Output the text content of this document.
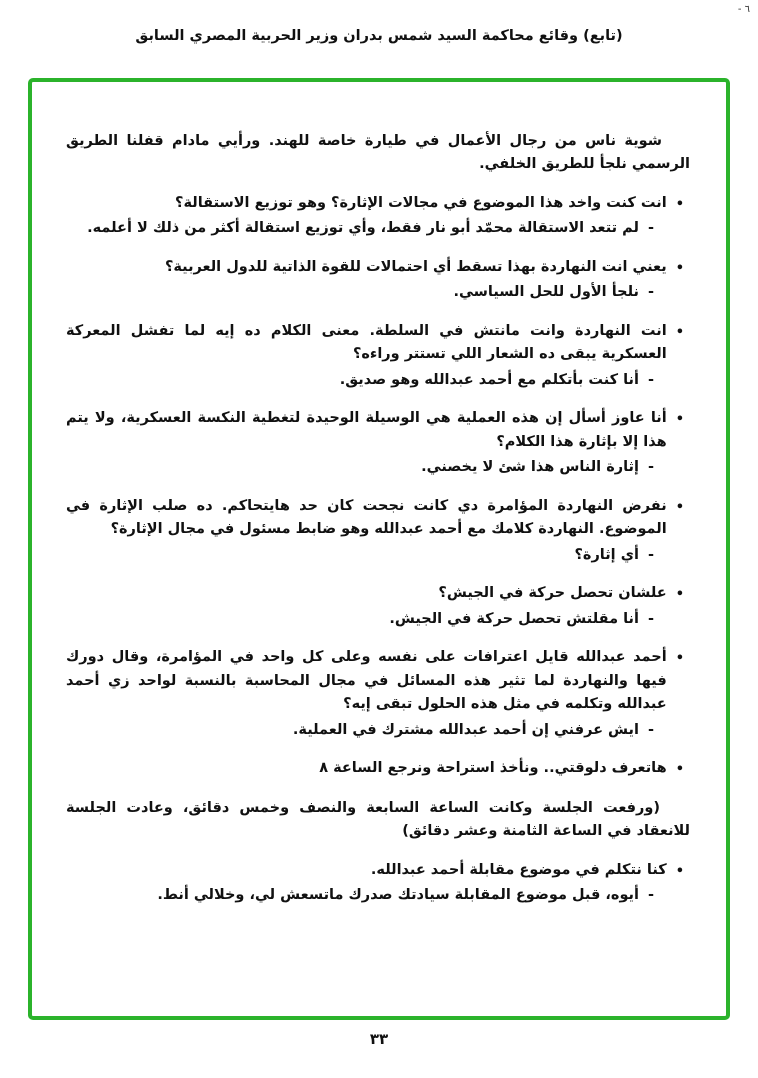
٦ -
(تابع) وقائع محاكمة السيد شمس بدران وزير الحربية المصري السابق

شوية ناس من رجال الأعمال في طيارة خاصة للهند. ورأيي مادام قفلنا الطريق الرسمي نلجأ للطريق الخلفي.

•
انت كنت واخد هذا الموضوع في مجالات الإثارة؟ وهو توزيع الاستقالة؟
-
لم تتعد الاستقالة محمّد أبو نار فقط، وأي توزيع استقالة أكثر من ذلك لا أعلمه.
•
يعني انت النهاردة بهذا تسقط أي احتمالات للقوة الذاتية للدول العربية؟
-
نلجأ الأول للحل السياسي.
•
انت النهاردة وانت مانتش في السلطة. معنى الكلام ده إيه لما تفشل المعركة العسكرية يبقى ده الشعار اللي تستتر وراءه؟
-
أنا كنت بأتكلم مع أحمد عبدالله وهو صديق.
•
أنا عاوز أسأل إن هذه العملية هي الوسيلة الوحيدة لتغطية النكسة العسكرية، ولا يتم هذا إلا بإثارة هذا الكلام؟
-
إثارة الناس هذا شئ لا يخصني.
•
نفرض النهاردة المؤامرة دي كانت نجحت كان حد هايتحاكم. ده صلب الإثارة في الموضوع. النهاردة كلامك مع أحمد عبدالله وهو ضابط مسئول في مجال الإثارة؟
-
أي إثارة؟
•
علشان تحصل حركة في الجيش؟
-
أنا مقلتش تحصل حركة في الجيش.
•
أحمد عبدالله قايل اعترافات على نفسه وعلى كل واحد في المؤامرة، وقال دورك فيها والنهاردة لما تثير هذه المسائل في مجال المحاسبة بالنسبة لواحد زي أحمد عبدالله وتكلمه في مثل هذه الحلول تبقى إيه؟
-
ايش عرفني إن أحمد عبدالله مشترك في العملية.
•
هاتعرف دلوقتي.. ونأخذ استراحة ونرجع الساعة ٨
(ورفعت الجلسة وكانت الساعة السابعة والنصف وخمس دقائق، وعادت الجلسة للانعقاد في الساعة الثامنة وعشر دقائق)
•
كنا نتكلم في موضوع مقابلة أحمد عبدالله.
-
أيوه، قبل موضوع المقابلة سيادتك صدرك ماتسعش لي، وخلالي أنط.
٣٣
